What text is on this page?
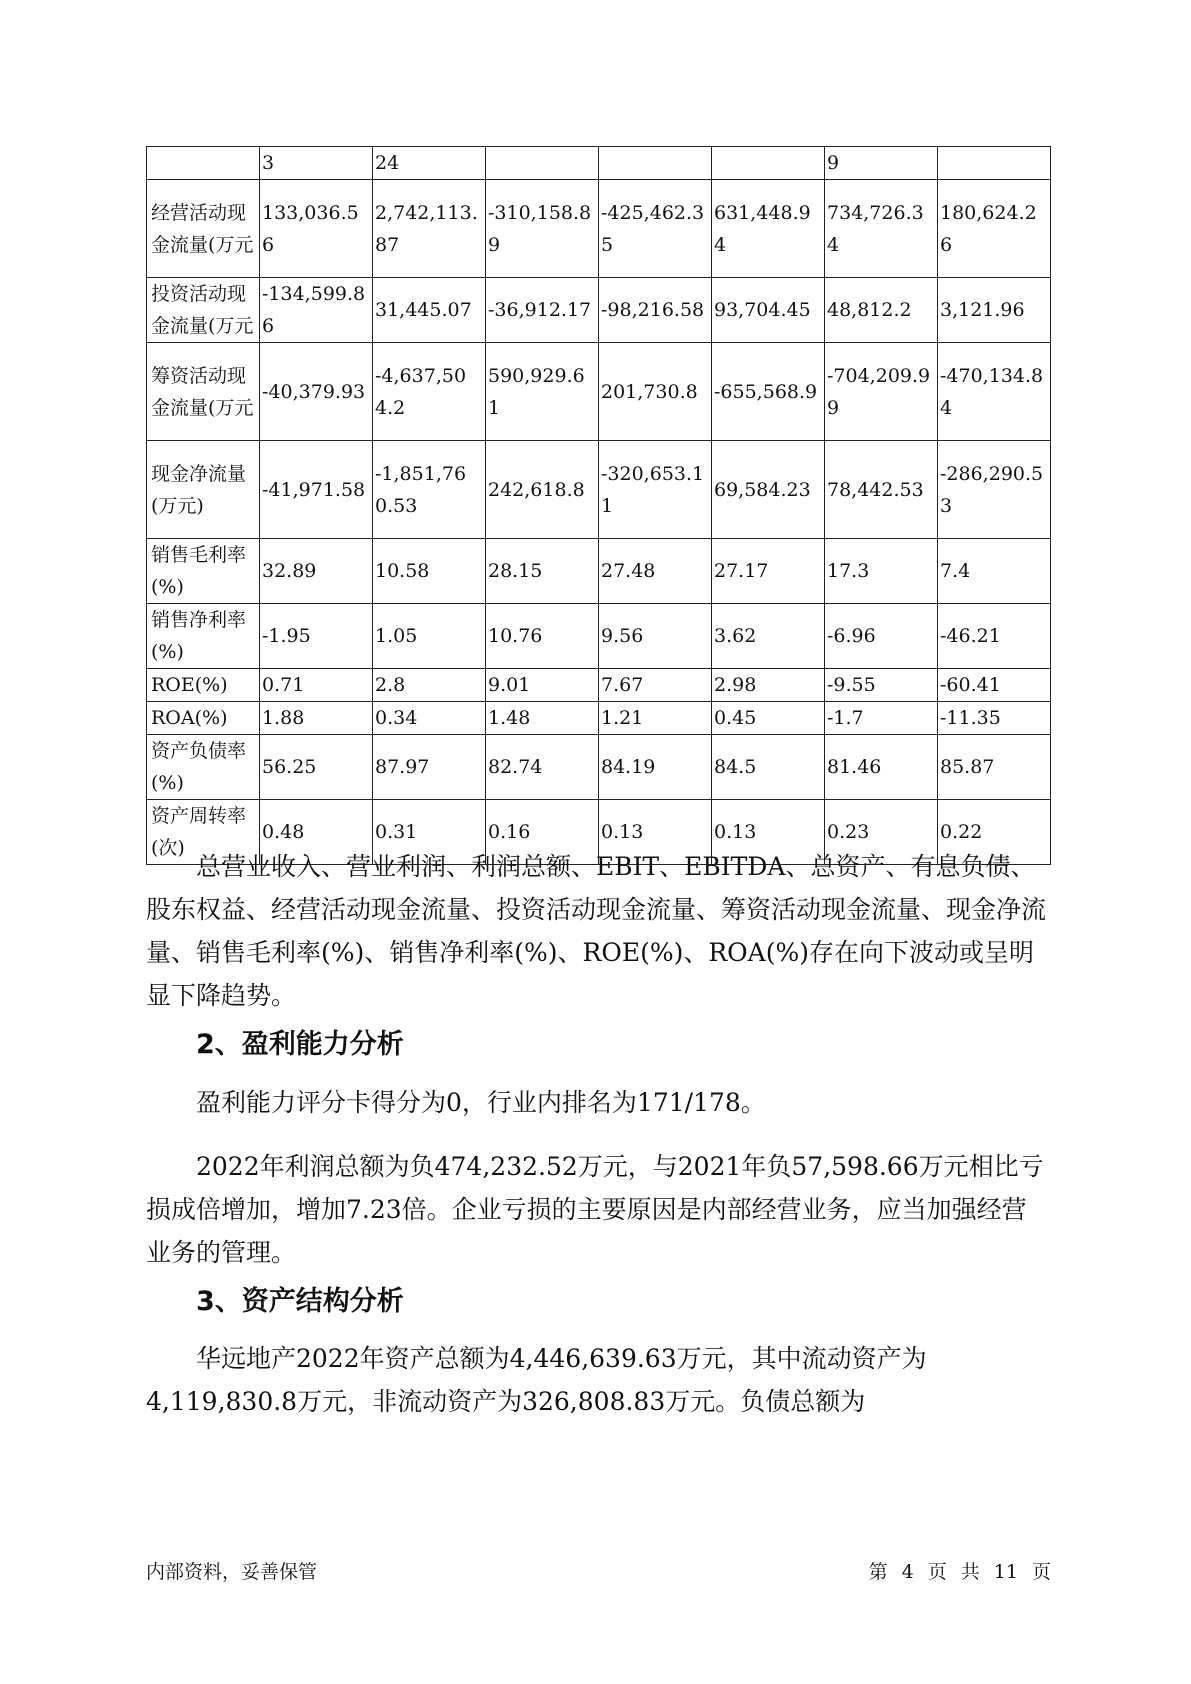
	3	24				9	
经营活动现金流量(万元	133,036.56	2,742,113.87	-310,158.89	-425,462.35	631,448.94	734,726.34	180,624.26
投资活动现金流量(万元	-134,599.86	31,445.07	-36,912.17	-98,216.58	93,704.45	48,812.2	3,121.96
筹资活动现金流量(万元	-40,379.93	-4,637,504.2	590,929.61	201,730.8	-655,568.9	-704,209.99	-470,134.84
现金净流量(万元)	-41,971.58	-1,851,760.53	242,618.8	-320,653.11	69,584.23	78,442.53	-286,290.53
销售毛利率(%)	32.89	10.58	28.15	27.48	27.17	17.3	7.4
销售净利率(%)	-1.95	1.05	10.76	9.56	3.62	-6.96	-46.21
ROE(%)	0.71	2.8	9.01	7.67	2.98	-9.55	-60.41
ROA(%)	1.88	0.34	1.48	1.21	0.45	-1.7	-11.35
资产负债率(%)	56.25	87.97	82.74	84.19	84.5	81.46	85.87
资产周转率(次)	0.48	0.31	0.16	0.13	0.13	0.23	0.22

总营业收入、营业利润、利润总额、EBIT、EBITDA、总资产、有息负债、股东权益、经营活动现金流量、投资活动现金流量、筹资活动现金流量、现金净流量、销售毛利率(%)、销售净利率(%)、ROE(%)、ROA(%)存在向下波动或呈明显下降趋势。

2、盈利能力分析

盈利能力评分卡得分为0，行业内排名为171/178。

2022年利润总额为负474,232.52万元，与2021年负57,598.66万元相比亏损成倍增加，增加7.23倍。企业亏损的主要原因是内部经营业务，应当加强经营业务的管理。

3、资产结构分析

华远地产2022年资产总额为4,446,639.63万元，其中流动资产为4,119,830.8万元，非流动资产为326,808.83万元。负债总额为

内部资料，妥善保管	第 4 页 共 11 页
